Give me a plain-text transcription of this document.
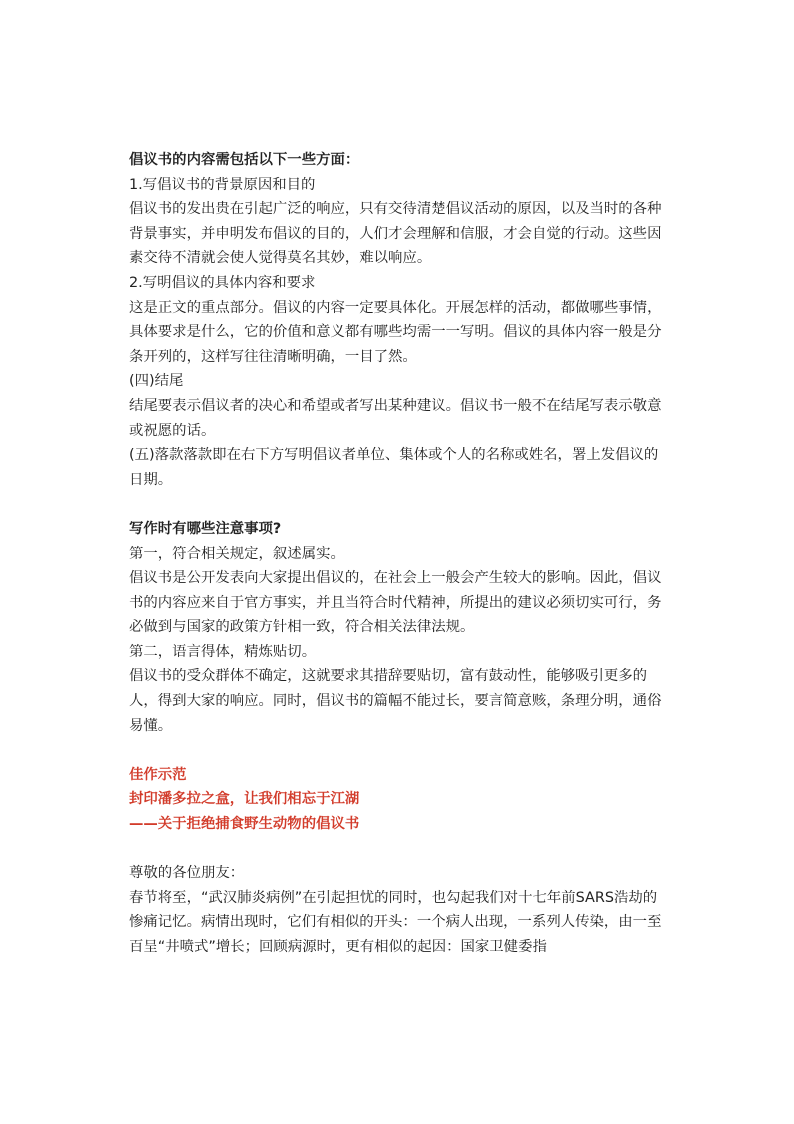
倡议书的内容需包括以下一些方面：

1.写倡议书的背景原因和目的

倡议书的发出贵在引起广泛的响应，只有交待清楚倡议活动的原因，以及当时的各种背景事实，并申明发布倡议的目的，人们才会理解和信服，才会自觉的行动。这些因素交待不清就会使人觉得莫名其妙，难以响应。

2.写明倡议的具体内容和要求

这是正文的重点部分。倡议的内容一定要具体化。开展怎样的活动，都做哪些事情，具体要求是什么，它的价值和意义都有哪些均需一一写明。倡议的具体内容一般是分条开列的，这样写往往清晰明确，一目了然。

(四)结尾

结尾要表示倡议者的决心和希望或者写出某种建议。倡议书一般不在结尾写表示敬意或祝愿的话。

(五)落款落款即在右下方写明倡议者单位、集体或个人的名称或姓名，署上发倡议的日期。

写作时有哪些注意事项?

第一，符合相关规定，叙述属实。

倡议书是公开发表向大家提出倡议的，在社会上一般会产生较大的影响。因此，倡议书的内容应来自于官方事实，并且当符合时代精神，所提出的建议必须切实可行，务必做到与国家的政策方针相一致，符合相关法律法规。

第二，语言得体，精炼贴切。

倡议书的受众群体不确定，这就要求其措辞要贴切，富有鼓动性，能够吸引更多的人，得到大家的响应。同时，倡议书的篇幅不能过长，要言简意赅，条理分明，通俗易懂。

佳作示范

封印潘多拉之盒，让我们相忘于江湖

——关于拒绝捕食野生动物的倡议书

尊敬的各位朋友：

春节将至，“武汉肺炎病例”在引起担忧的同时，也勾起我们对十七年前SARS浩劫的惨痛记忆。病情出现时，它们有相似的开头：一个病人出现，一系列人传染，由一至百呈“井喷式”增长；回顾病源时，更有相似的起因：国家卫健委指
